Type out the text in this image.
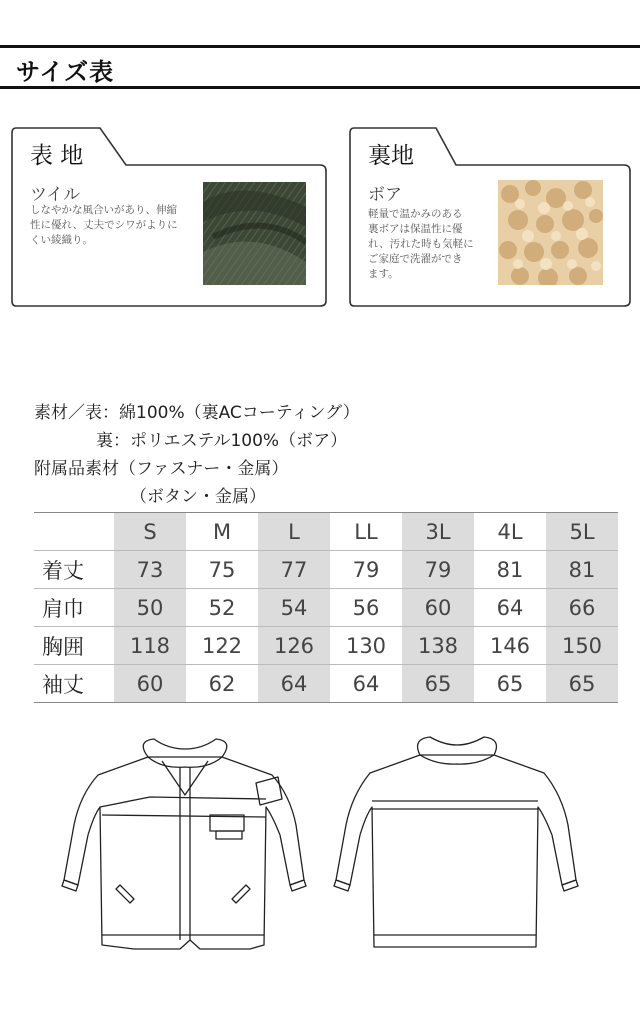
サイズ表
表 地
ツイル
しなやかな風合いがあり、伸縮
性に優れ、丈夫でシワがよりに
くい綾織り。
裏地
ボア
軽量で温かみのある
裏ボアは保温性に優
れ、汚れた時も気軽に
ご家庭で洗濯ができ
ます。
素材／表：綿100%（裏ACコーティング）
裏：ポリエステル100%（ボア）
附属品素材（ファスナー・金属）
（ボタン・金属）
	S	M	L	LL	3L	4L	5L
着丈	73	75	77	79	79	81	81
肩巾	50	52	54	56	60	64	66
胸囲	118	122	126	130	138	146	150
袖丈	60	62	64	64	65	65	65
